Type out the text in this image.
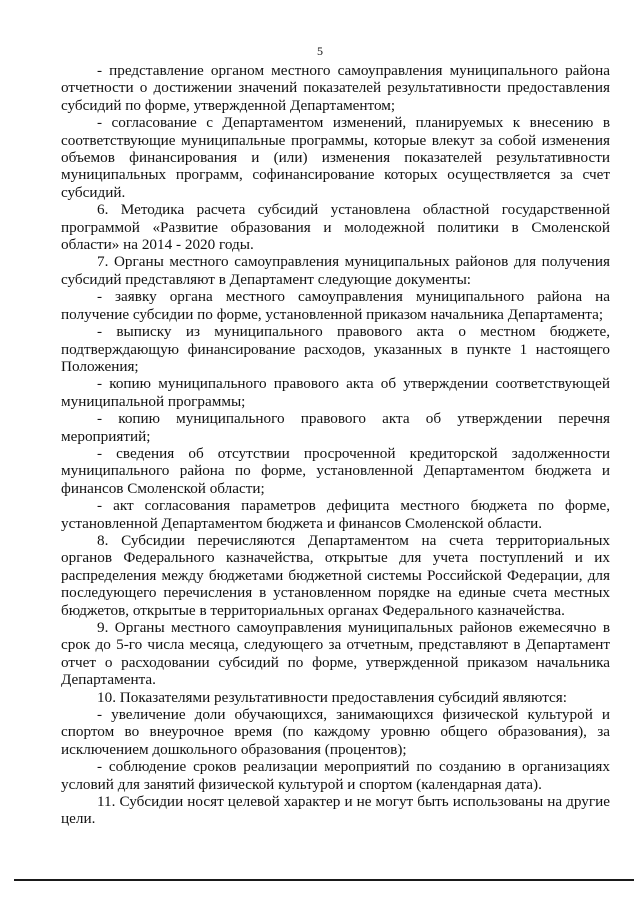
5

- представление органом местного самоуправления муниципального района отчетности о достижении значений показателей результативности предоставления субсидий по форме, утвержденной Департаментом;

- согласование с Департаментом изменений, планируемых к внесению в соответствующие муниципальные программы, которые влекут за собой изменения объемов финансирования и (или) изменения показателей результативности муниципальных программ, софинансирование которых осуществляется за счет субсидий.

6. Методика расчета субсидий установлена областной государственной программой «Развитие образования и молодежной политики в Смоленской области» на 2014 - 2020 годы.

7. Органы местного самоуправления муниципальных районов для получения субсидий представляют в Департамент следующие документы:

- заявку органа местного самоуправления муниципального района на получение субсидии по форме, установленной приказом начальника Департамента;

- выписку из муниципального правового акта о местном бюджете, подтверждающую финансирование расходов, указанных в пункте 1 настоящего Положения;

- копию муниципального правового акта об утверждении соответствующей муниципальной программы;

- копию муниципального правового акта об утверждении перечня мероприятий;

- сведения об отсутствии просроченной кредиторской задолженности муниципального района по форме, установленной Департаментом бюджета и финансов Смоленской области;

- акт согласования параметров дефицита местного бюджета по форме, установленной Департаментом бюджета и финансов Смоленской области.

8. Субсидии перечисляются Департаментом на счета территориальных органов Федерального казначейства, открытые для учета поступлений и их распределения между бюджетами бюджетной системы Российской Федерации, для последующего перечисления в установленном порядке на единые счета местных бюджетов, открытые в территориальных органах Федерального казначейства.

9. Органы местного самоуправления муниципальных районов ежемесячно в срок до 5-го числа месяца, следующего за отчетным, представляют в Департамент отчет о расходовании субсидий по форме, утвержденной приказом начальника Департамента.

10. Показателями результативности предоставления субсидий являются:

- увеличение доли обучающихся, занимающихся физической культурой и спортом во внеурочное время (по каждому уровню общего образования), за исключением дошкольного образования (процентов);

- соблюдение сроков реализации мероприятий по созданию в организациях условий для занятий физической культурой и спортом (календарная дата).

11. Субсидии носят целевой характер и не могут быть использованы на другие цели.
